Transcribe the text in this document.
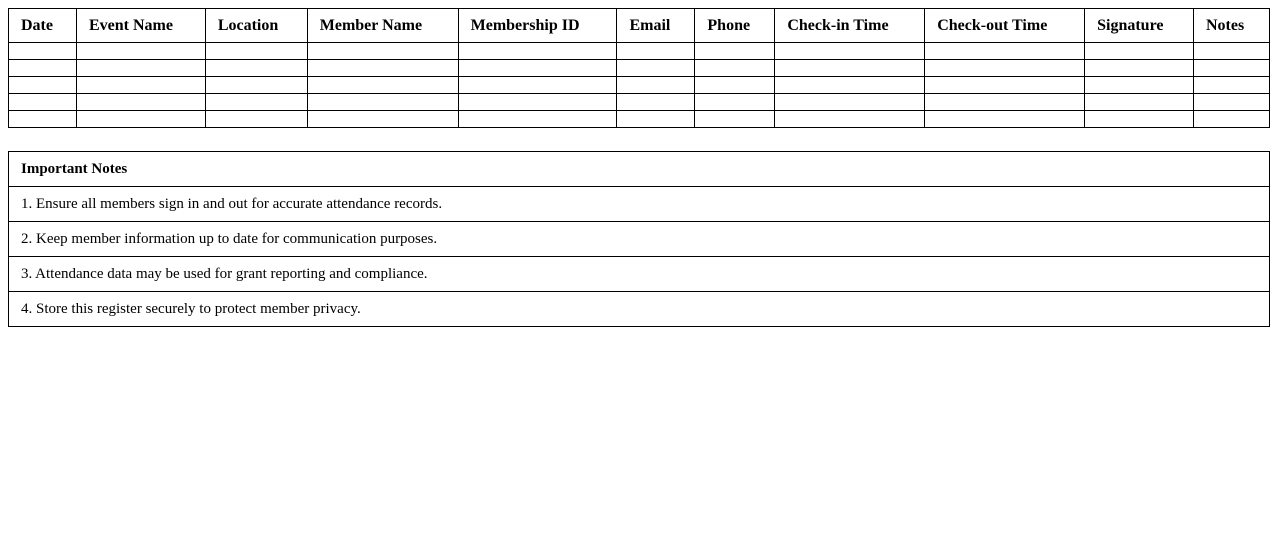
Date	Event Name	Location	Member Name	Membership ID	Email	Phone	Check-in Time	Check-out Time	Signature	Notes

Important Notes
1. Ensure all members sign in and out for accurate attendance records.
2. Keep member information up to date for communication purposes.
3. Attendance data may be used for grant reporting and compliance.
4. Store this register securely to protect member privacy.
